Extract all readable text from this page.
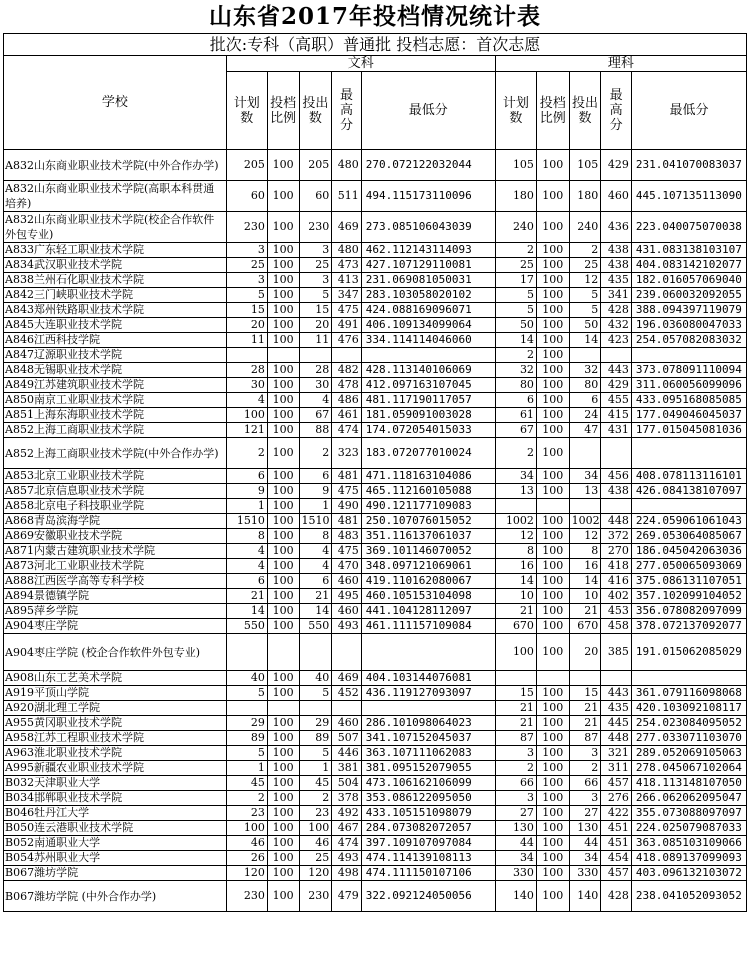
山东省2017年投档情况统计表
批次:专科（高职）普通批 投档志愿：首次志愿
学校	文科					理科				
	计划数	投档比例	投出数	最高分	最低分	计划数	投档比例	投出数	最高分	最低分
A832山东商业职业技术学院(中外合作办学)	205	100	205	480	270.072122032044	105	100	105	429	231.041070083037
A832山东商业职业技术学院(高职本科贯通培养)	60	100	60	511	494.115173110096	180	100	180	460	445.107135113090
A832山东商业职业技术学院(校企合作软件外包专业)	230	100	230	469	273.085106043039	240	100	240	436	223.040075070038
A833广东轻工职业技术学院	3	100	3	480	462.112143114093	2	100	2	438	431.083138103107
A834武汉职业技术学院	25	100	25	473	427.107129110081	25	100	25	438	404.083142102077
A838兰州石化职业技术学院	3	100	3	413	231.069081050031	17	100	12	435	182.016057069040
A842三门峡职业技术学院	5	100	5	347	283.103058020102	5	100	5	341	239.060032092055
A843郑州铁路职业技术学院	15	100	15	475	424.088169096071	5	100	5	428	388.094397119079
A845大连职业技术学院	20	100	20	491	406.109134099064	50	100	50	432	196.036080047033
A846江西科技学院	11	100	11	476	334.114114046060	14	100	14	423	254.057082083032
A847辽源职业技术学院						2	100			
A848无锡职业技术学院	28	100	28	482	428.113140106069	32	100	32	443	373.078091110094
A849江苏建筑职业技术学院	30	100	30	478	412.097163107045	80	100	80	429	311.060056099096
A850南京工业职业技术学院	4	100	4	486	481.117190117057	6	100	6	455	433.095168085085
A851上海东海职业技术学院	100	100	67	461	181.059091003028	61	100	24	415	177.049046045037
A852上海工商职业技术学院	121	100	88	474	174.072054015033	67	100	47	431	177.015045081036
A852上海工商职业技术学院(中外合作办学)	2	100	2	323	183.072077010024	2	100			
A853北京工业职业技术学院	6	100	6	481	471.118163104086	34	100	34	456	408.078113116101
A857北京信息职业技术学院	9	100	9	475	465.112160105088	13	100	13	438	426.084138107097
A858北京电子科技职业学院	1	100	1	490	490.121177109083					
A868青岛滨海学院	1510	100	1510	481	250.107076015052	1002	100	1002	448	224.059061061043
A869安徽职业技术学院	8	100	8	483	351.116137061037	12	100	12	372	269.053064085067
A871内蒙古建筑职业技术学院	4	100	4	475	369.101146070052	8	100	8	270	186.045042063036
A873河北工业职业技术学院	4	100	4	470	348.097121069061	16	100	16	418	277.050065093069
A888江西医学高等专科学校	6	100	6	460	419.110162080067	14	100	14	416	375.086131107051
A894景德镇学院	21	100	21	495	460.105153104098	10	100	10	402	357.102099104052
A895萍乡学院	14	100	14	460	441.104128112097	21	100	21	453	356.078082097099
A904枣庄学院	550	100	550	493	461.111157109084	670	100	670	458	378.072137092077
A904枣庄学院 (校企合作软件外包专业)						100	100	20	385	191.015062085029
A908山东工艺美术学院	40	100	40	469	404.103144076081					
A919平顶山学院	5	100	5	452	436.119127093097	15	100	15	443	361.079116098068
A920湖北理工学院						21	100	21	435	420.103092108117
A955黄冈职业技术学院	29	100	29	460	286.101098064023	21	100	21	445	254.023084095052
A958江苏工程职业技术学院	89	100	89	507	341.107152045037	87	100	87	448	277.033071103070
A963淮北职业技术学院	5	100	5	446	363.107111062083	3	100	3	321	289.052069105063
A995新疆农业职业技术学院	1	100	1	381	381.095152079055	2	100	2	311	278.045067102064
B032天津职业大学	45	100	45	504	473.106162106099	66	100	66	457	418.113148107050
B034邯郸职业技术学院	2	100	2	378	353.086122095050	3	100	3	276	266.062062095047
B046牡丹江大学	23	100	23	492	433.105151098079	27	100	27	422	355.073088097097
B050连云港职业技术学院	100	100	100	467	284.073082072057	130	100	130	451	224.025079087033
B052南通职业大学	46	100	46	474	397.109107097084	44	100	44	451	363.085103109066
B054苏州职业大学	26	100	25	493	474.114139108113	34	100	34	454	418.089137099093
B067潍坊学院	120	100	120	498	474.111150107106	330	100	330	457	403.096132103072
B067潍坊学院 (中外合作办学)	230	100	230	479	322.092124050056	140	100	140	428	238.041052093052
